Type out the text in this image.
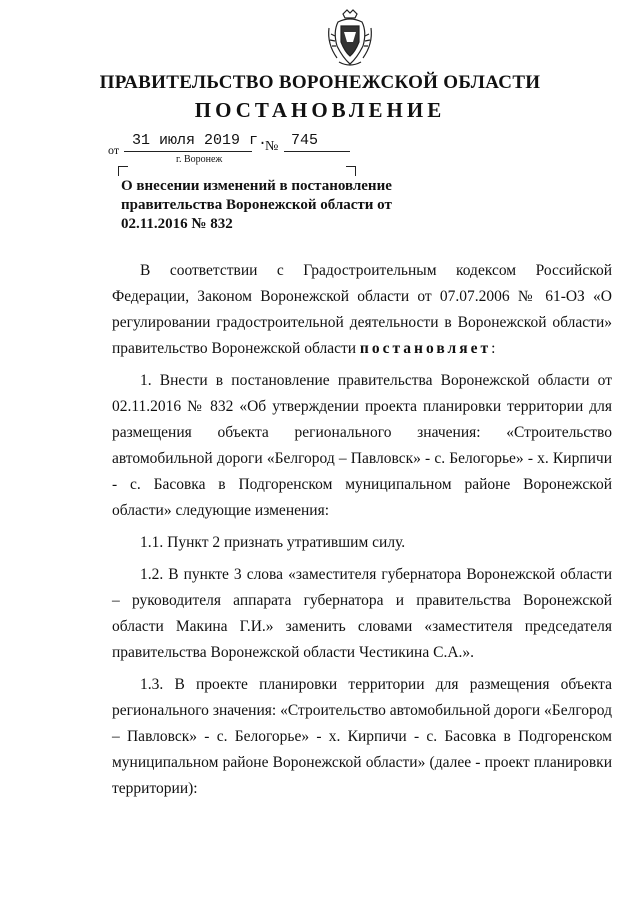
ПРАВИТЕЛЬСТВО ВОРОНЕЖСКОЙ ОБЛАСТИ
ПОСТАНОВЛЕНИЕ
от
31 июля 2019 г.
г. Воронеж
№ 745
О внесении изменений в постановление правительства Воронежской области от 02.11.2016 № 832

В соответствии с Градостроительным кодексом Российской Федерации, Законом Воронежской области от 07.07.2006 № 61-ОЗ «О регулировании градостроительной деятельности в Воронежской области» правительство Воронежской области постановляет:

1. Внести в постановление правительства Воронежской области от 02.11.2016 № 832 «Об утверждении проекта планировки территории для размещения объекта регионального значения: «Строительство автомобильной дороги «Белгород – Павловск» - с. Белогорье» - х. Кирпичи - с. Басовка в Подгоренском муниципальном районе Воронежской области» следующие изменения:

1.1. Пункт 2 признать утратившим силу.

1.2. В пункте 3 слова «заместителя губернатора Воронежской области – руководителя аппарата губернатора и правительства Воронежской области Макина Г.И.» заменить словами «заместителя председателя правительства Воронежской области Честикина С.А.».

1.3. В проекте планировки территории для размещения объекта регионального значения: «Строительство автомобильной дороги «Белгород – Павловск» - с. Белогорье» - х. Кирпичи - с. Басовка в Подгоренском муниципальном районе Воронежской области» (далее - проект планировки территории):
